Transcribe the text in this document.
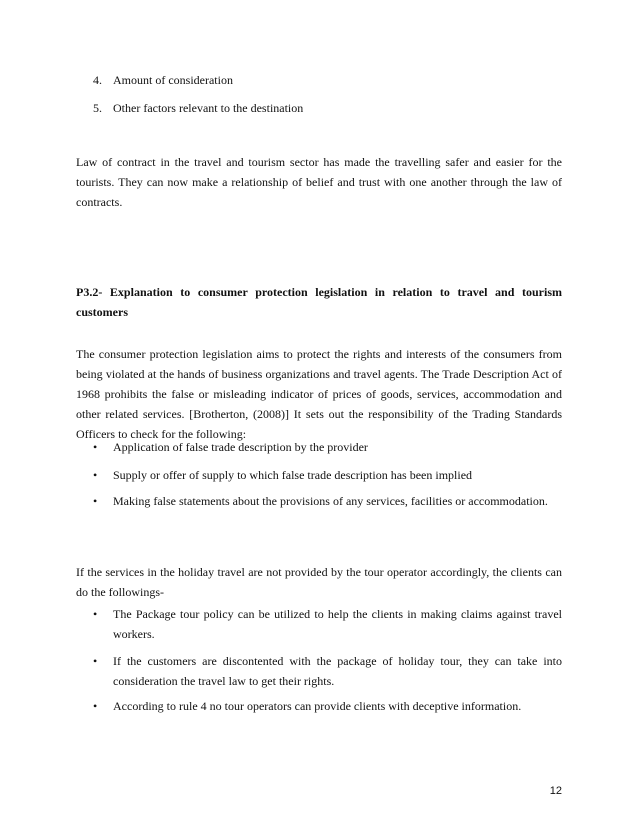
4. Amount of consideration
5. Other factors relevant to the destination

Law of contract in the travel and tourism sector has made the travelling safer and easier for the tourists. They can now make a relationship of belief and trust with one another through the law of contracts.

P3.2- Explanation to consumer protection legislation in relation to travel and tourism customers

The consumer protection legislation aims to protect the rights and interests of the consumers from being violated at the hands of business organizations and travel agents. The Trade Description Act of 1968 prohibits the false or misleading indicator of prices of goods, services, accommodation and other related services. [Brotherton, (2008)] It sets out the responsibility of the Trading Standards Officers to check for the following:

• Application of false trade description by the provider
• Supply or offer of supply to which false trade description has been implied
• Making false statements about the provisions of any services, facilities or accommodation.

If the services in the holiday travel are not provided by the tour operator accordingly, the clients can do the followings-

• The Package tour policy can be utilized to help the clients in making claims against travel workers.
• If the customers are discontented with the package of holiday tour, they can take into consideration the travel law to get their rights.
• According to rule 4 no tour operators can provide clients with deceptive information.
12
